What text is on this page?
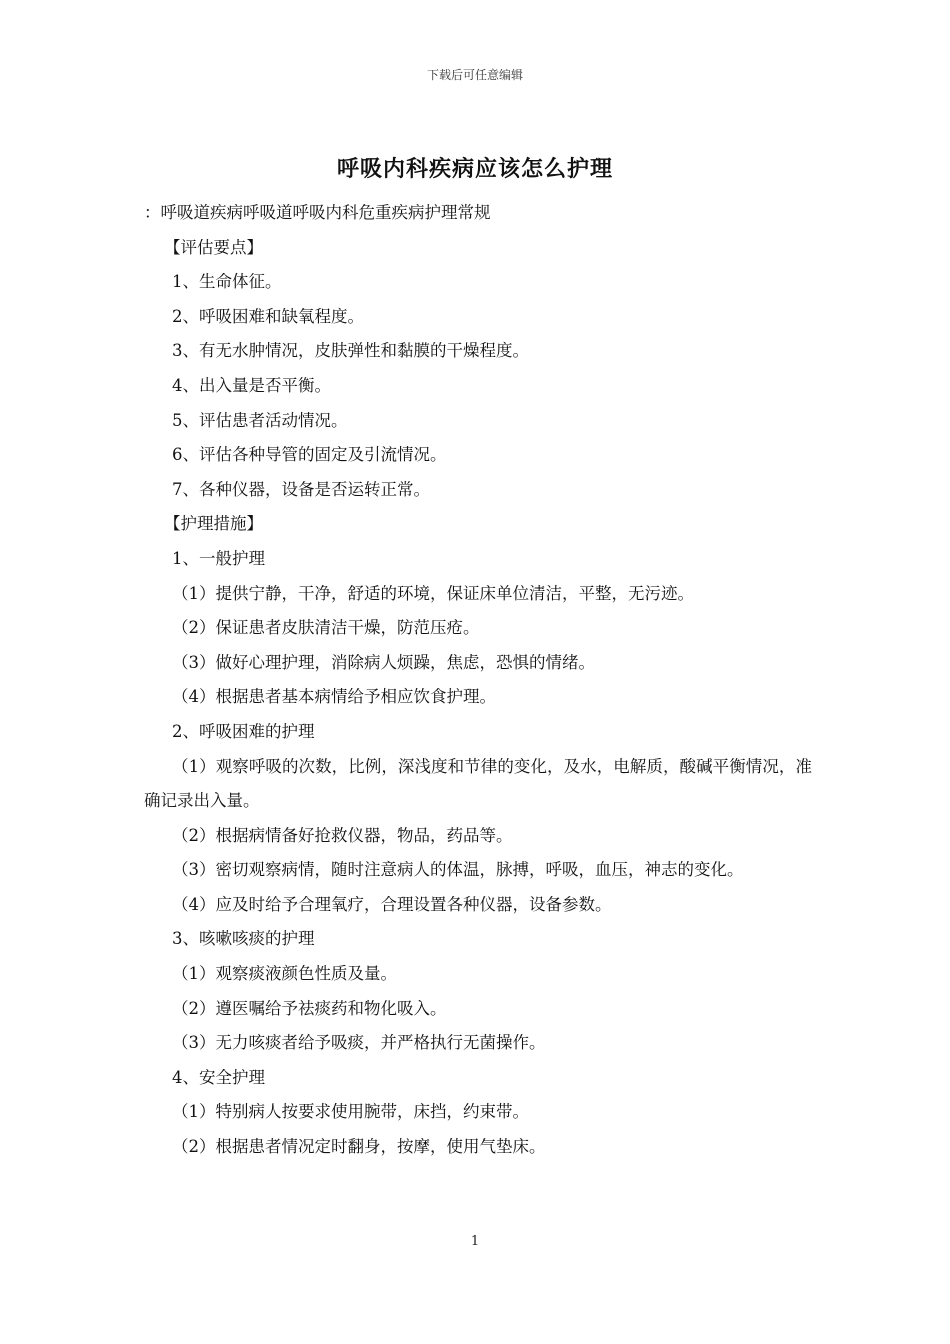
下载后可任意编辑
呼吸内科疾病应该怎么护理

：呼吸道疾病呼吸道呼吸内科危重疾病护理常规

【评估要点】

1、生命体征。

2、呼吸困难和缺氧程度。

3、有无水肿情况，皮肤弹性和黏膜的干燥程度。

4、出入量是否平衡。

5、评估患者活动情况。

6、评估各种导管的固定及引流情况。

7、各种仪器，设备是否运转正常。

【护理措施】

1、一般护理

（1）提供宁静，干净，舒适的环境，保证床单位清洁，平整，无污迹。

（2）保证患者皮肤清洁干燥，防范压疮。

（3）做好心理护理，消除病人烦躁，焦虑，恐惧的情绪。

（4）根据患者基本病情给予相应饮食护理。

2、呼吸困难的护理

（1）观察呼吸的次数，比例，深浅度和节律的变化，及水，电解质，酸碱平衡情况，准确记录出入量。

（2）根据病情备好抢救仪器，物品，药品等。

（3）密切观察病情，随时注意病人的体温，脉搏，呼吸，血压，神志的变化。

（4）应及时给予合理氧疗，合理设置各种仪器，设备参数。

3、咳嗽咳痰的护理

（1）观察痰液颜色性质及量。

（2）遵医嘱给予祛痰药和物化吸入。

（3）无力咳痰者给予吸痰，并严格执行无菌操作。

4、安全护理

（1）特别病人按要求使用腕带，床挡，约束带。

（2）根据患者情况定时翻身，按摩，使用气垫床。

1
